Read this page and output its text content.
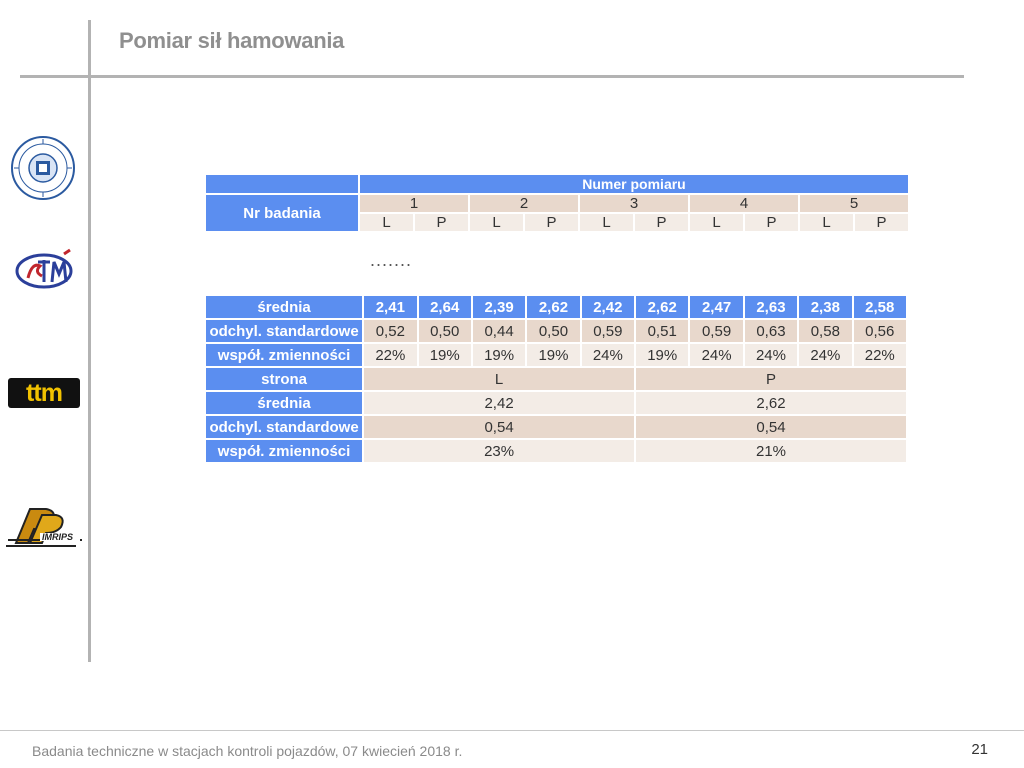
Pomiar sił hamowania
ttm
IMRIPS
	Numer pomiaru									
Nr badania	1		2		3		4		5	
	L	P	L	P	L	P	L	P	L	P
.......
średnia	2,41	2,64	2,39	2,62	2,42	2,62	2,47	2,63	2,38	2,58
odchyl. standardowe	0,52	0,50	0,44	0,50	0,59	0,51	0,59	0,63	0,58	0,56
współ. zmienności	22%	19%	19%	19%	24%	19%	24%	24%	24%	22%
strona	L					P				
średnia	2,42					2,62				
odchyl. standardowe	0,54					0,54				
współ. zmienności	23%					21%				
Badania techniczne w stacjach kontroli pojazdów, 07 kwiecień 2018 r.	21
